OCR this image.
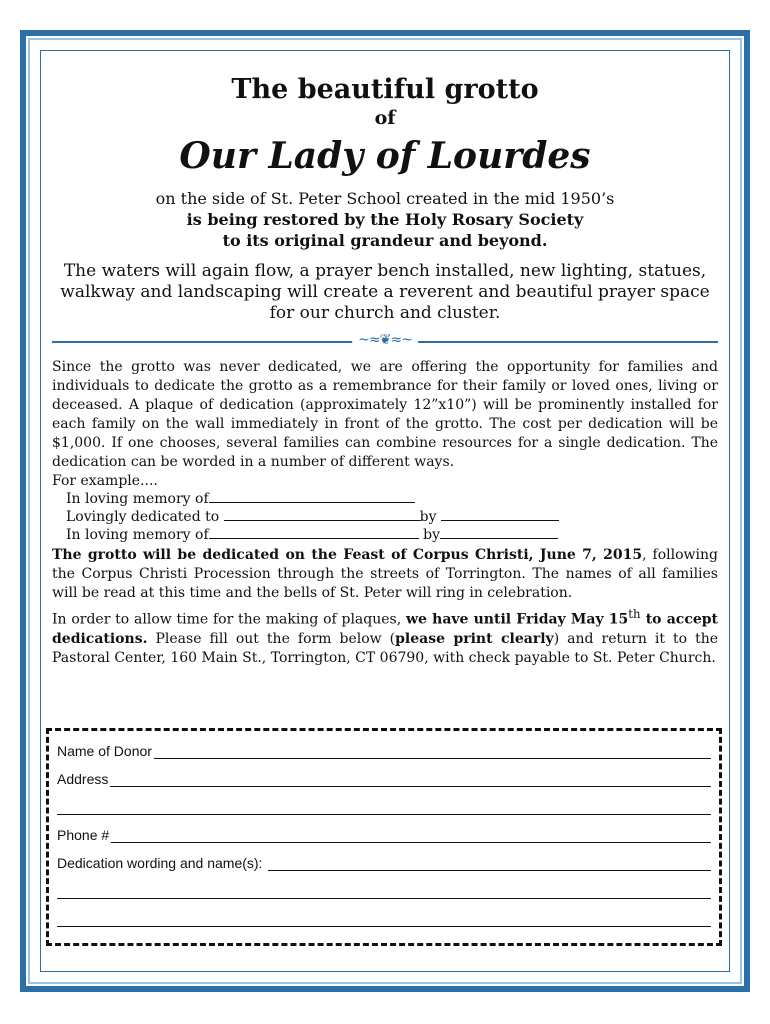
The beautiful grotto

of

Our Lady of Lourdes

on the side of St. Peter School created in the mid 1950’s
is being restored by the Holy Rosary Society
to its original grandeur and beyond.

The waters will again flow, a prayer bench installed, new lighting, statues, walkway and landscaping will create a reverent and beautiful prayer space for our church and cluster.

~≈❦≈~

Since the grotto was never dedicated, we are offering the opportunity for families and individuals to dedicate the grotto as a remembrance for their family or loved ones, living or deceased. A plaque of dedication (approximately 12”x10”) will be prominently installed for each family on the wall immediately in front of the grotto. The cost per dedication will be $1,000. If one chooses, several families can combine resources for a single dedication. The dedication can be worded in a number of different ways.

For example....

In loving memory of

Lovingly dedicated to	by

In loving memory of	by

The grotto will be dedicated on the Feast of Corpus Christi, June 7, 2015, following the Corpus Christi Procession through the streets of Torrington. The names of all families will be read at this time and the bells of St. Peter will ring in celebration.

In order to allow time for the making of plaques, we have until Friday May 15th to accept dedications. Please fill out the form below (please print clearly) and return it to the Pastoral Center, 160 Main St., Torrington, CT 06790, with check payable to St. Peter Church.

Name of Donor
Address
Phone #
Dedication wording and name(s):
